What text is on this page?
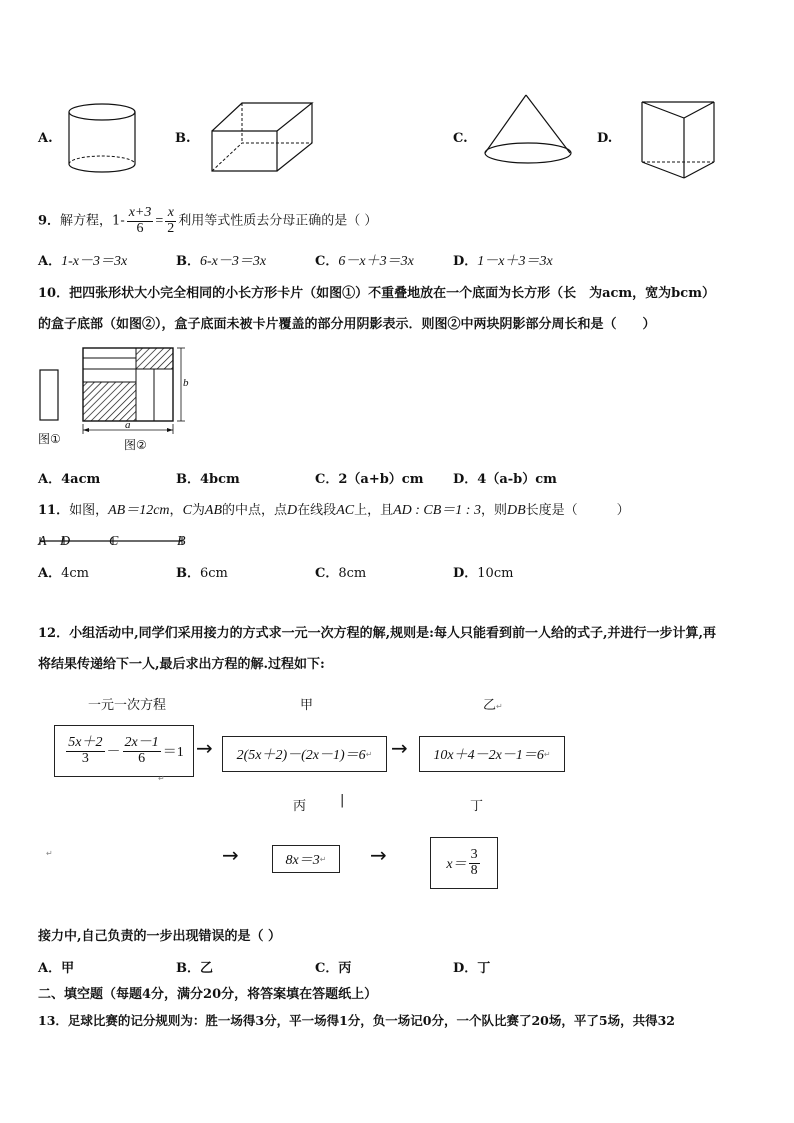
A.	B.	C.	D.
9．解方程，$1- \frac{x+3}{6} = \frac{x}{2}$ 利用等式性质去分母正确的是（ ）
A．1-x－3＝3x	B．6-x－3＝3x	C．6－x＋3＝3x	D．1－x＋3＝3x
10．把四张形状大小完全相同的小长方形卡片（如图①）不重叠地放在一个底面为长方形（长　为acm，宽为bcm）
的盒子底部（如图②），盒子底面未被卡片覆盖的部分用阴影表示．则图②中两块阴影部分周长和是（　　）
b
a
图①	图②
A．4acm	B．4bcm	C．2（a+b）cm D．4（a-b）cm
11．如图，AB＝12cm，C为AB的中点，点D在线段AC上，且AD : CB＝1 : 3，则DB长度是（　　　）
A D	C	B
A．4cm	B．6cm	C．8cm	D．10cm
12．小组活动中,同学们采用接力的方式求一元一次方程的解,规则是:每人只能看到前一人给的式子,并进行一步计算,再
将结果传递给下一人,最后求出方程的解.过程如下:
一元一次方程	甲	乙↵
$\frac{5x+2}{3} - \frac{2x-1}{6} =1$
↵
→ 2(5x＋2)－(2x－1)＝6 ↵ → 10x＋4－2x－1＝6 ↵
丙	|	丁
↵	→	8x＝3 ↵ →	$x= \frac{3}{8}$
接力中,自己负责的一步出现错误的是（ ）
A．甲	B．乙	C．丙	D．丁
二、填空题（每题4分，满分20分，将答案填在答题纸上）
13．足球比赛的记分规则为：胜一场得3分，平一场得1分，负一场记0分，一个队比赛了20场，平了5场，共得32
